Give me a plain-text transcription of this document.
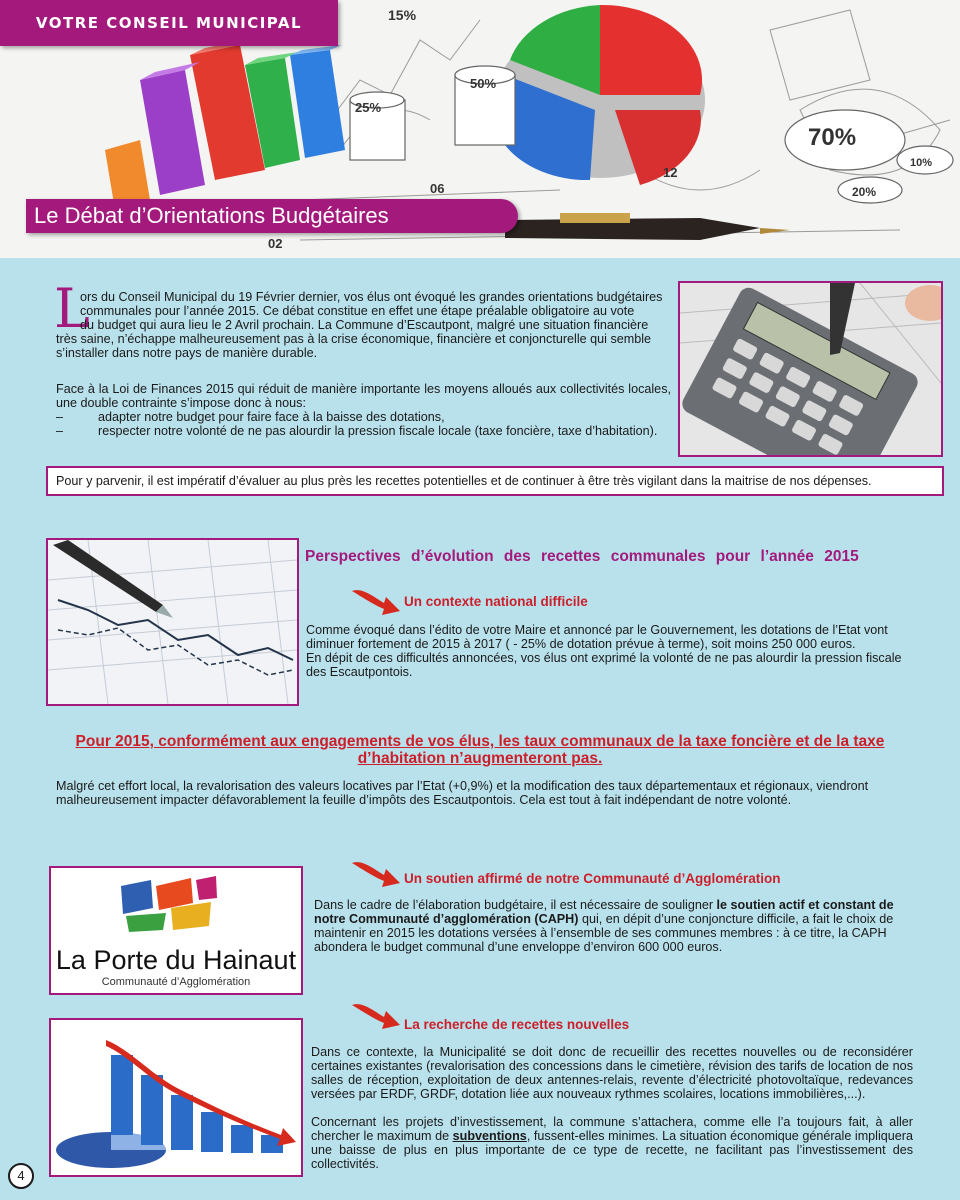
15%
25%
50%
70%
10%
20%
06
02
12
VOTRE CONSEIL MUNICIPAL
Le Débat d’Orientations Budgétaires
L

ors du Conseil Municipal du 19 Février dernier, vos élus ont évoqué les grandes orientations budgétaires

communales pour l’année 2015. Ce débat constitue en effet une étape préalable obligatoire au vote

du budget qui aura lieu le 2 Avril prochain. La Commune d’Escautpont, malgré une situation financière

très saine, n’échappe malheureusement pas à la crise économique, financière et conjoncturelle qui semble

s’installer dans notre pays de manière durable.

Face à la Loi de Finances 2015 qui réduit de manière importante les moyens alloués aux collectivités locales, une double contrainte s’impose donc à nous:

–	adapter notre budget pour faire face à la baisse des dotations,
–	respecter notre volonté de ne pas alourdir la pression fiscale locale (taxe foncière, taxe d’habitation).
Pour y parvenir, il est impératif d’évaluer au plus près les recettes potentielles et de continuer à être très vigilant dans la maitrise de nos dépenses.
Perspectives d’évolution des recettes communales pour l’année 2015
Un contexte national difficile

Comme évoqué dans l’édito de votre Maire et annoncé par le Gouvernement, les dotations de l’Etat vont diminuer fortement de 2015 à 2017 ( - 25% de dotation prévue à terme), soit moins 250 000 euros.

En dépit de ces difficultés annoncées, vos élus ont exprimé la volonté de ne pas alourdir la pression fiscale des Escautpontois.

Pour 2015, conformément aux engagements de vos élus, les taux communaux de la taxe foncière et de la taxe d’habitation n’augmenteront pas.

Malgré cet effort local, la revalorisation des valeurs locatives par l’Etat (+0,9%) et la modification des taux départementaux et régionaux, viendront malheureusement impacter défavorablement la feuille d’impôts des Escautpontois. Cela est tout à fait indépendant de notre volonté.

La Porte du Hainaut
Communauté d’Agglomération
Un soutien affirmé de notre Communauté d’Agglomération

Dans le cadre de l’élaboration budgétaire, il est nécessaire de souligner le soutien actif et constant de notre Communauté d’agglomération (CAPH) qui, en dépit d’une conjoncture difficile, a fait le choix de maintenir en 2015 les dotations versées à l’ensemble de ses communes membres : à ce titre, la CAPH abondera le budget communal d’une enveloppe d’environ 600 000 euros.

La recherche de recettes nouvelles

Dans ce contexte, la Municipalité se doit donc de recueillir des recettes nouvelles ou de reconsidérer certaines existantes (revalorisation des concessions dans le cimetière, révision des tarifs de location de nos salles de réception, exploitation de deux antennes-relais, revente d’électricité photovoltaïque, redevances versées par ERDF, GRDF, dotation liée aux nouveaux rythmes scolaires, locations immobilières,...).

Concernant les projets d’investissement, la commune s’attachera, comme elle l’a toujours fait, à aller chercher le maximum de subventions, fussent-elles minimes. La situation économique générale impliquera une baisse de plus en plus importante de ce type de recette, ne facilitant pas l’investissement des collectivités.

4
